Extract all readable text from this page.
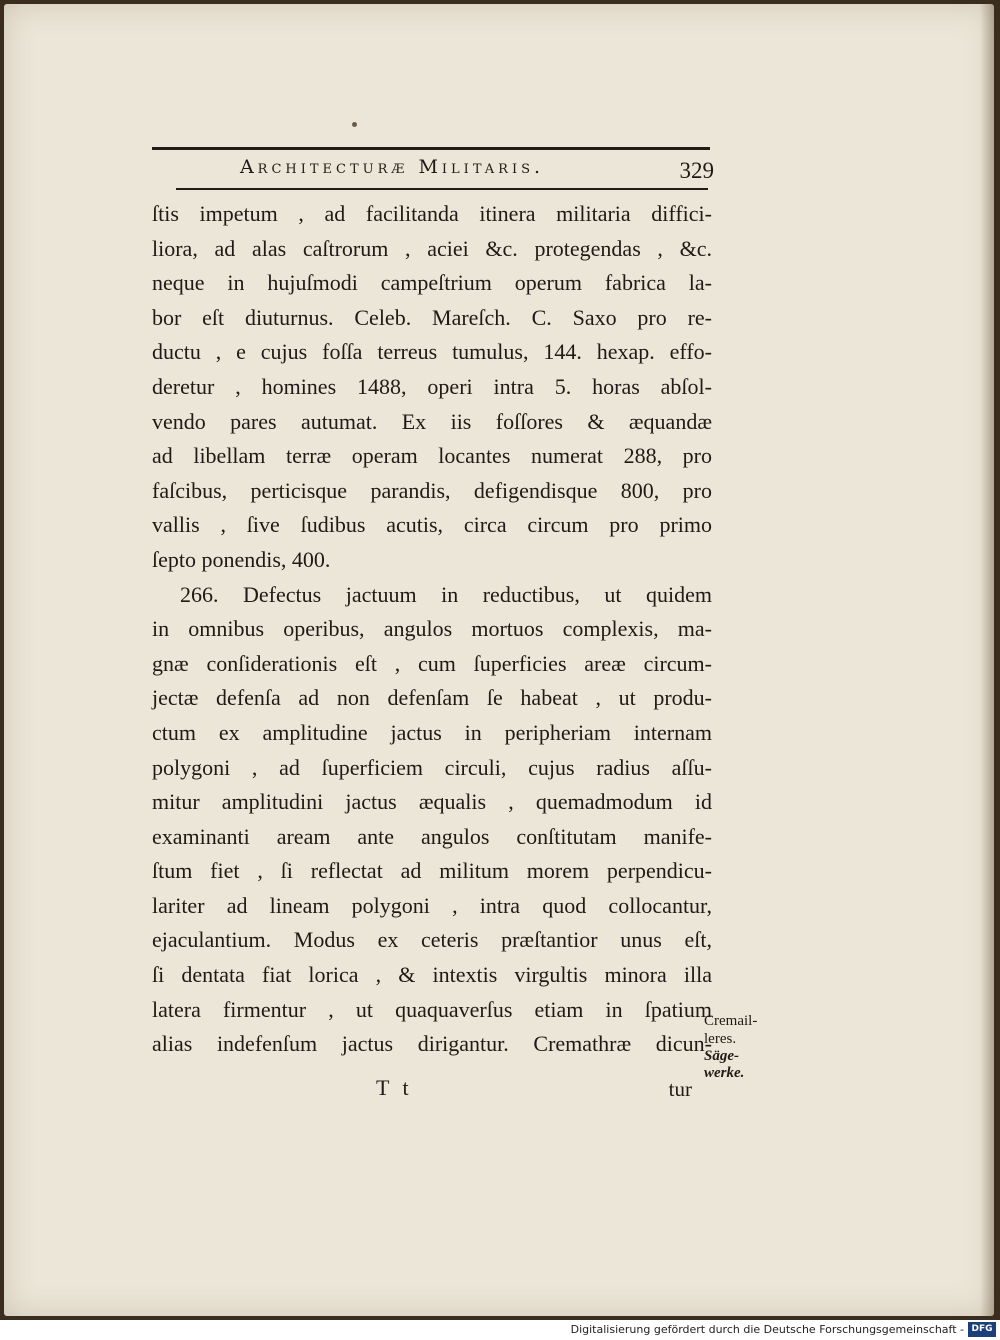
Architecturæ Militaris.	329
ſtis impetum , ad facilitanda itinera militaria diffici-
liora, ad alas caſtrorum , aciei &c. protegendas , &c.
neque in hujuſmodi campeſtrium operum fabrica la-
bor eſt diuturnus. Celeb. Mareſch. C. Saxo pro re-
ductu , e cujus foſſa terreus tumulus, 144. hexap. effo-
deretur , homines 1488, operi intra 5. horas abſol-
vendo pares autumat. Ex iis foſſores & æquandæ
ad libellam terræ operam locantes numerat 288, pro
faſcibus, perticisque parandis, defigendisque 800, pro
vallis , ſive ſudibus acutis, circa circum pro primo
ſepto ponendis, 400.
266. Defectus jactuum in reductibus, ut quidem
in omnibus operibus, angulos mortuos complexis, ma-
gnæ conſiderationis eſt , cum ſuperficies areæ circum-
jectæ defenſa ad non defenſam ſe habeat , ut produ-
ctum ex amplitudine jactus in peripheriam internam
polygoni , ad ſuperficiem circuli, cujus radius aſſu-
mitur amplitudini jactus æqualis , quemadmodum id
examinanti aream ante angulos conſtitutam manife-
ſtum fiet , ſi reflectat ad militum morem perpendicu-
lariter ad lineam polygoni , intra quod collocantur,
ejaculantium. Modus ex ceteris præſtantior unus eſt,
ſi dentata fiat lorica , & intextis virgultis minora illa
latera firmentur , ut quaquaverſus etiam in ſpatium
alias indefenſum jactus dirigantur. Cremathræ dicun-
Cremail-
leres.
Säge-
werke.
T t	tur
Digitalisierung gefördert durch die Deutsche Forschungsgemeinschaft - DFG
